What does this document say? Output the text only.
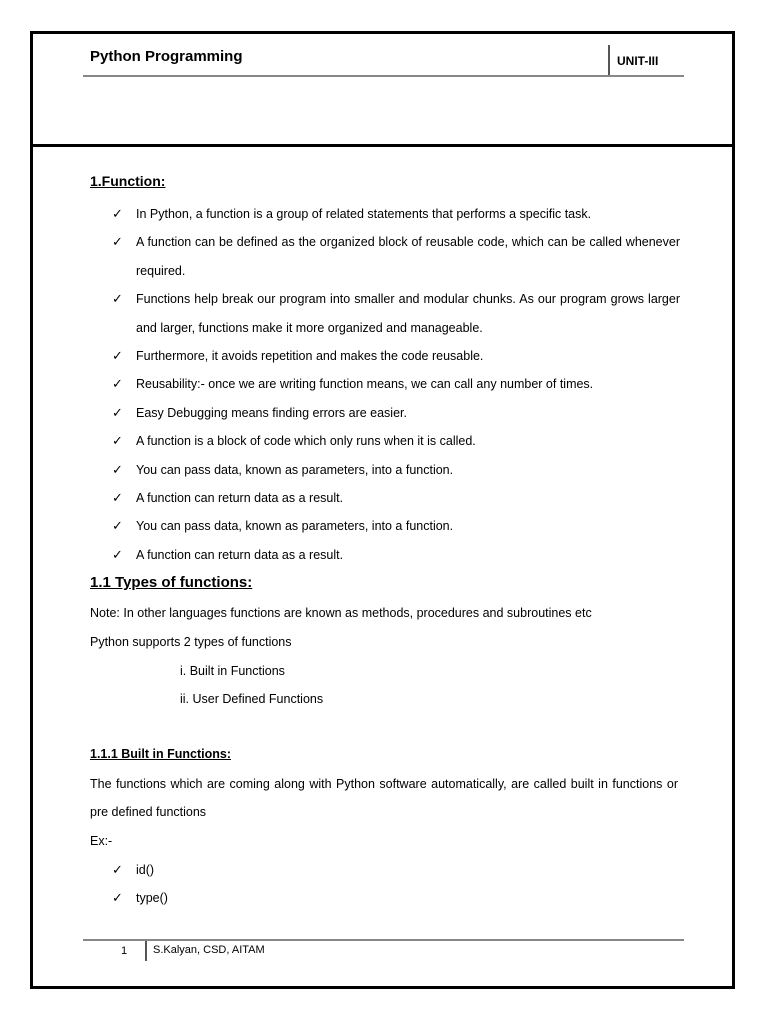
Python Programming	UNIT-III
1.Function:
✓ In Python, a function is a group of related statements that performs a specific task.
✓ A function can be defined as the organized block of reusable code, which can be called whenever required.
✓ Functions help break our program into smaller and modular chunks. As our program grows larger and larger, functions make it more organized and manageable.
✓ Furthermore, it avoids repetition and makes the code reusable.
✓ Reusability:- once we are writing function means, we can call any number of times.
✓ Easy Debugging means finding errors are easier.
✓ A function is a block of code which only runs when it is called.
✓ You can pass data, known as parameters, into a function.
✓ A function can return data as a result.
✓ You can pass data, known as parameters, into a function.
✓ A function can return data as a result.
1.1 Types of functions:
Note: In other languages functions are known as methods, procedures and subroutines etc
Python supports 2 types of functions
i. Built in Functions
ii. User Defined Functions
1.1.1 Built in Functions:
The functions which are coming along with Python software automatically, are called built in functions or pre defined functions
Ex:-
✓ id()
✓ type()
1 S.Kalyan, CSD, AITAM
